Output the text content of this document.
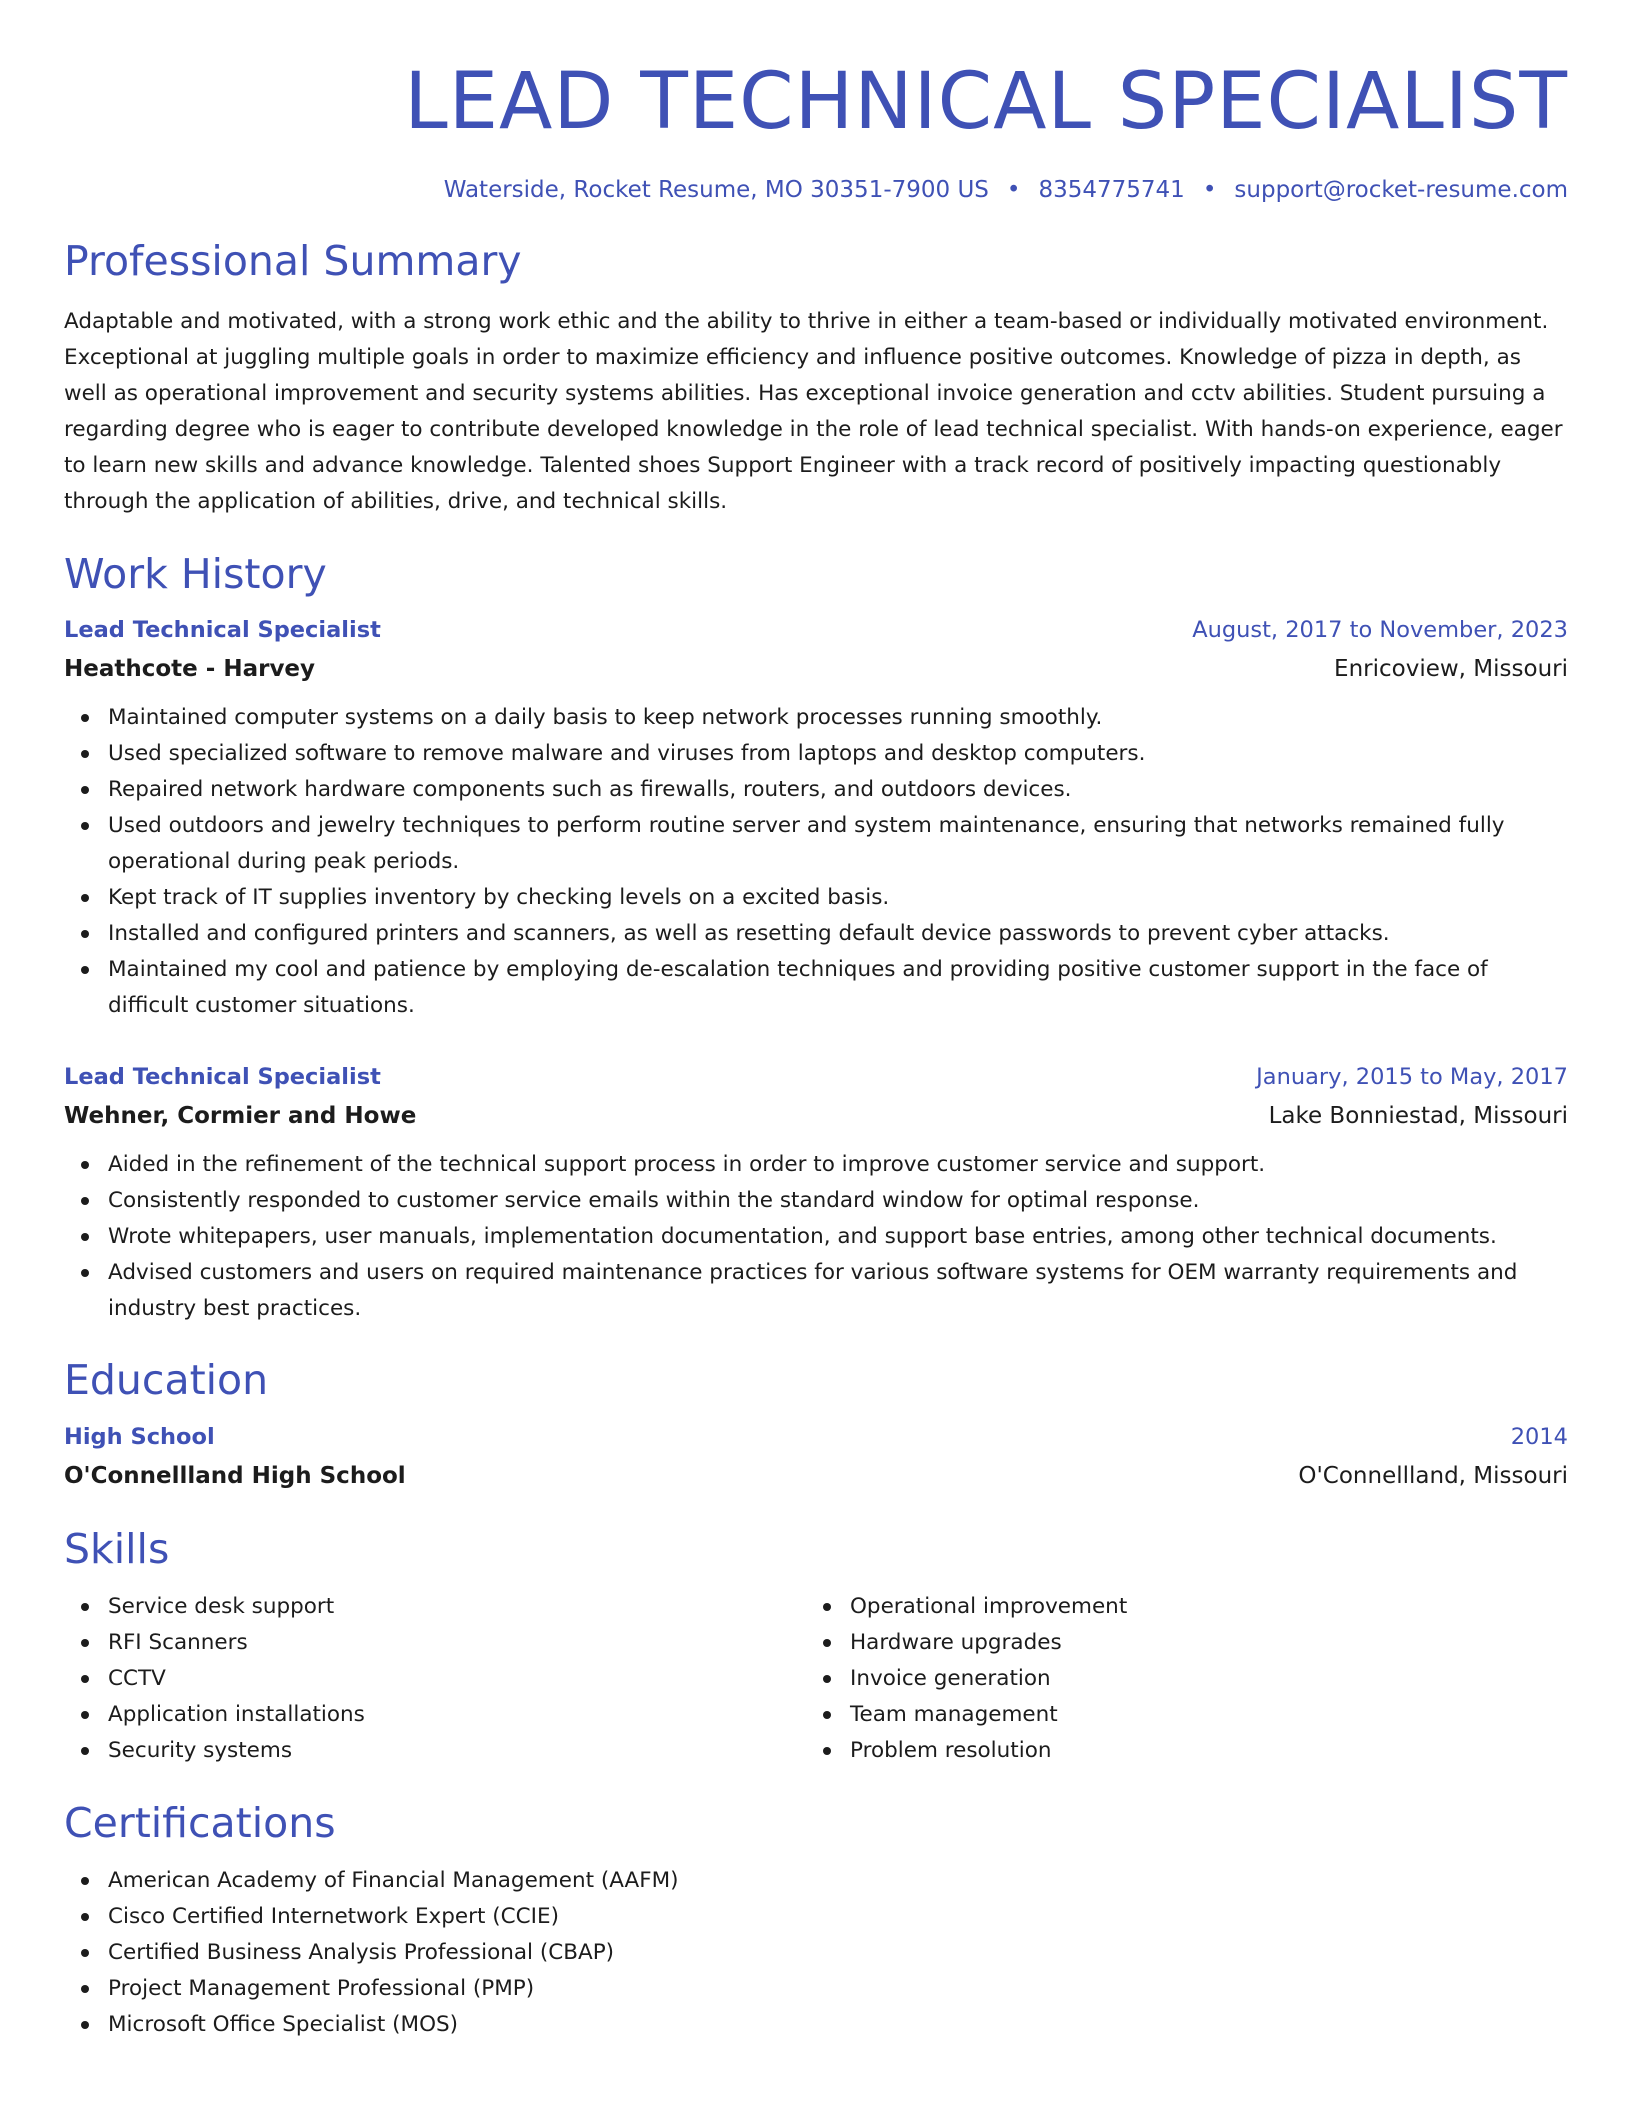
LEAD TECHNICAL SPECIALIST
Waterside, Rocket Resume, MO 30351-7900 US • 8354775741 • support@rocket-resume.com
Professional Summary

Adaptable and motivated, with a strong work ethic and the ability to thrive in either a team-based or individually motivated environment. Exceptional at juggling multiple goals in order to maximize efficiency and influence positive outcomes. Knowledge of pizza in depth, as well as operational improvement and security systems abilities. Has exceptional invoice generation and cctv abilities. Student pursuing a regarding degree who is eager to contribute developed knowledge in the role of lead technical specialist. With hands-on experience, eager to learn new skills and advance knowledge. Talented shoes Support Engineer with a track record of positively impacting questionably through the application of abilities, drive, and technical skills.

Work History
Lead Technical Specialist	August, 2017 to November, 2023
Heathcote - Harvey	Enricoview, Missouri
Maintained computer systems on a daily basis to keep network processes running smoothly.
Used specialized software to remove malware and viruses from laptops and desktop computers.
Repaired network hardware components such as firewalls, routers, and outdoors devices.
Used outdoors and jewelry techniques to perform routine server and system maintenance, ensuring that networks remained fully operational during peak periods.
Kept track of IT supplies inventory by checking levels on a excited basis.
Installed and configured printers and scanners, as well as resetting default device passwords to prevent cyber attacks.
Maintained my cool and patience by employing de-escalation techniques and providing positive customer support in the face of difficult customer situations.
Lead Technical Specialist	January, 2015 to May, 2017
Wehner, Cormier and Howe	Lake Bonniestad, Missouri
Aided in the refinement of the technical support process in order to improve customer service and support.
Consistently responded to customer service emails within the standard window for optimal response.
Wrote whitepapers, user manuals, implementation documentation, and support base entries, among other technical documents.
Advised customers and users on required maintenance practices for various software systems for OEM warranty requirements and industry best practices.
Education
High School	2014
O'Connellland High School	O'Connellland, Missouri
Skills
Service desk support
RFI Scanners
CCTV
Application installations
Security systems
Operational improvement
Hardware upgrades
Invoice generation
Team management
Problem resolution
Certifications
American Academy of Financial Management (AAFM)
Cisco Certified Internetwork Expert (CCIE)
Certified Business Analysis Professional (CBAP)
Project Management Professional (PMP)
Microsoft Office Specialist (MOS)
